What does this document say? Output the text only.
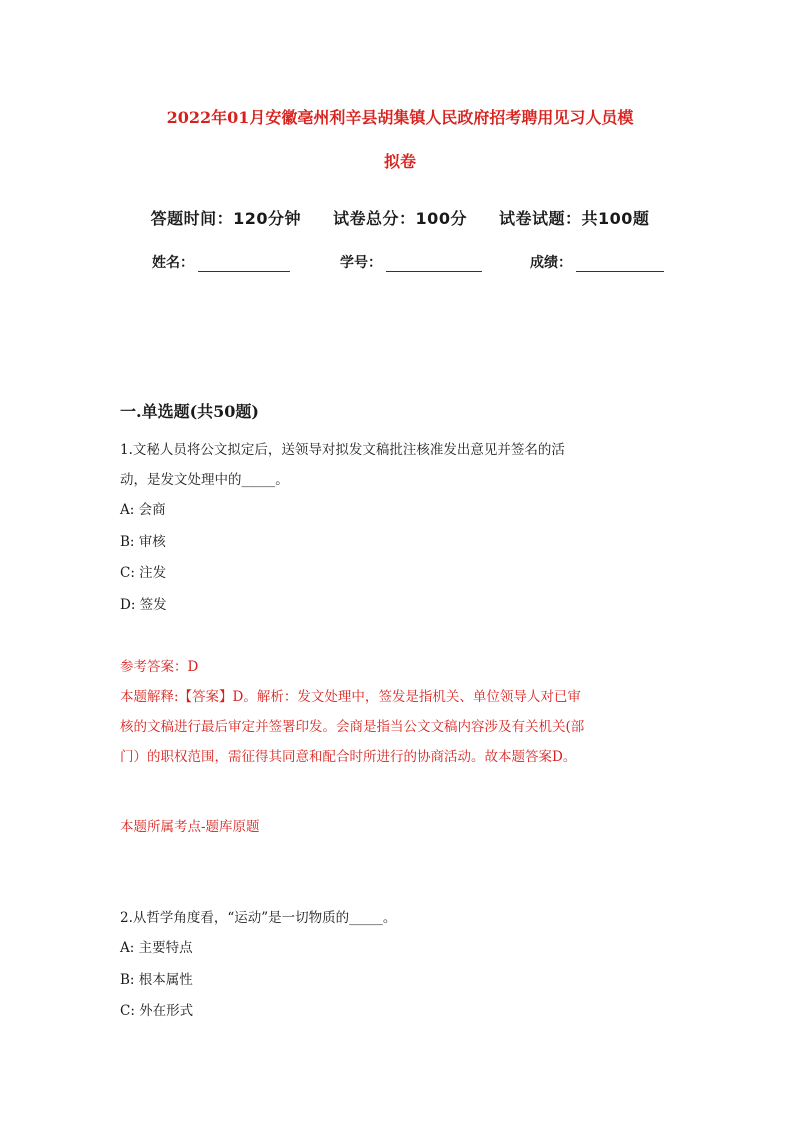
2022年01月安徽亳州利辛县胡集镇人民政府招考聘用见习人员模
拟卷
答题时间：120分钟 试卷总分：100分 试卷试题：共100题
姓名：	学号：	成绩：
一.单选题(共50题)

1.文秘人员将公文拟定后，送领导对拟发文稿批注核准发出意见并签名的活

动，是发文处理中的_____。

A: 会商

B: 审核

C: 注发

D: 签发

参考答案：D

本题解释:【答案】D。解析：发文处理中，签发是指机关、单位领导人对已审

核的文稿进行最后审定并签署印发。会商是指当公文文稿内容涉及有关机关(部

门）的职权范围，需征得其同意和配合时所进行的协商活动。故本题答案D。

本题所属考点-题库原题

2.从哲学角度看，“运动”是一切物质的_____。

A: 主要特点

B: 根本属性

C: 外在形式
